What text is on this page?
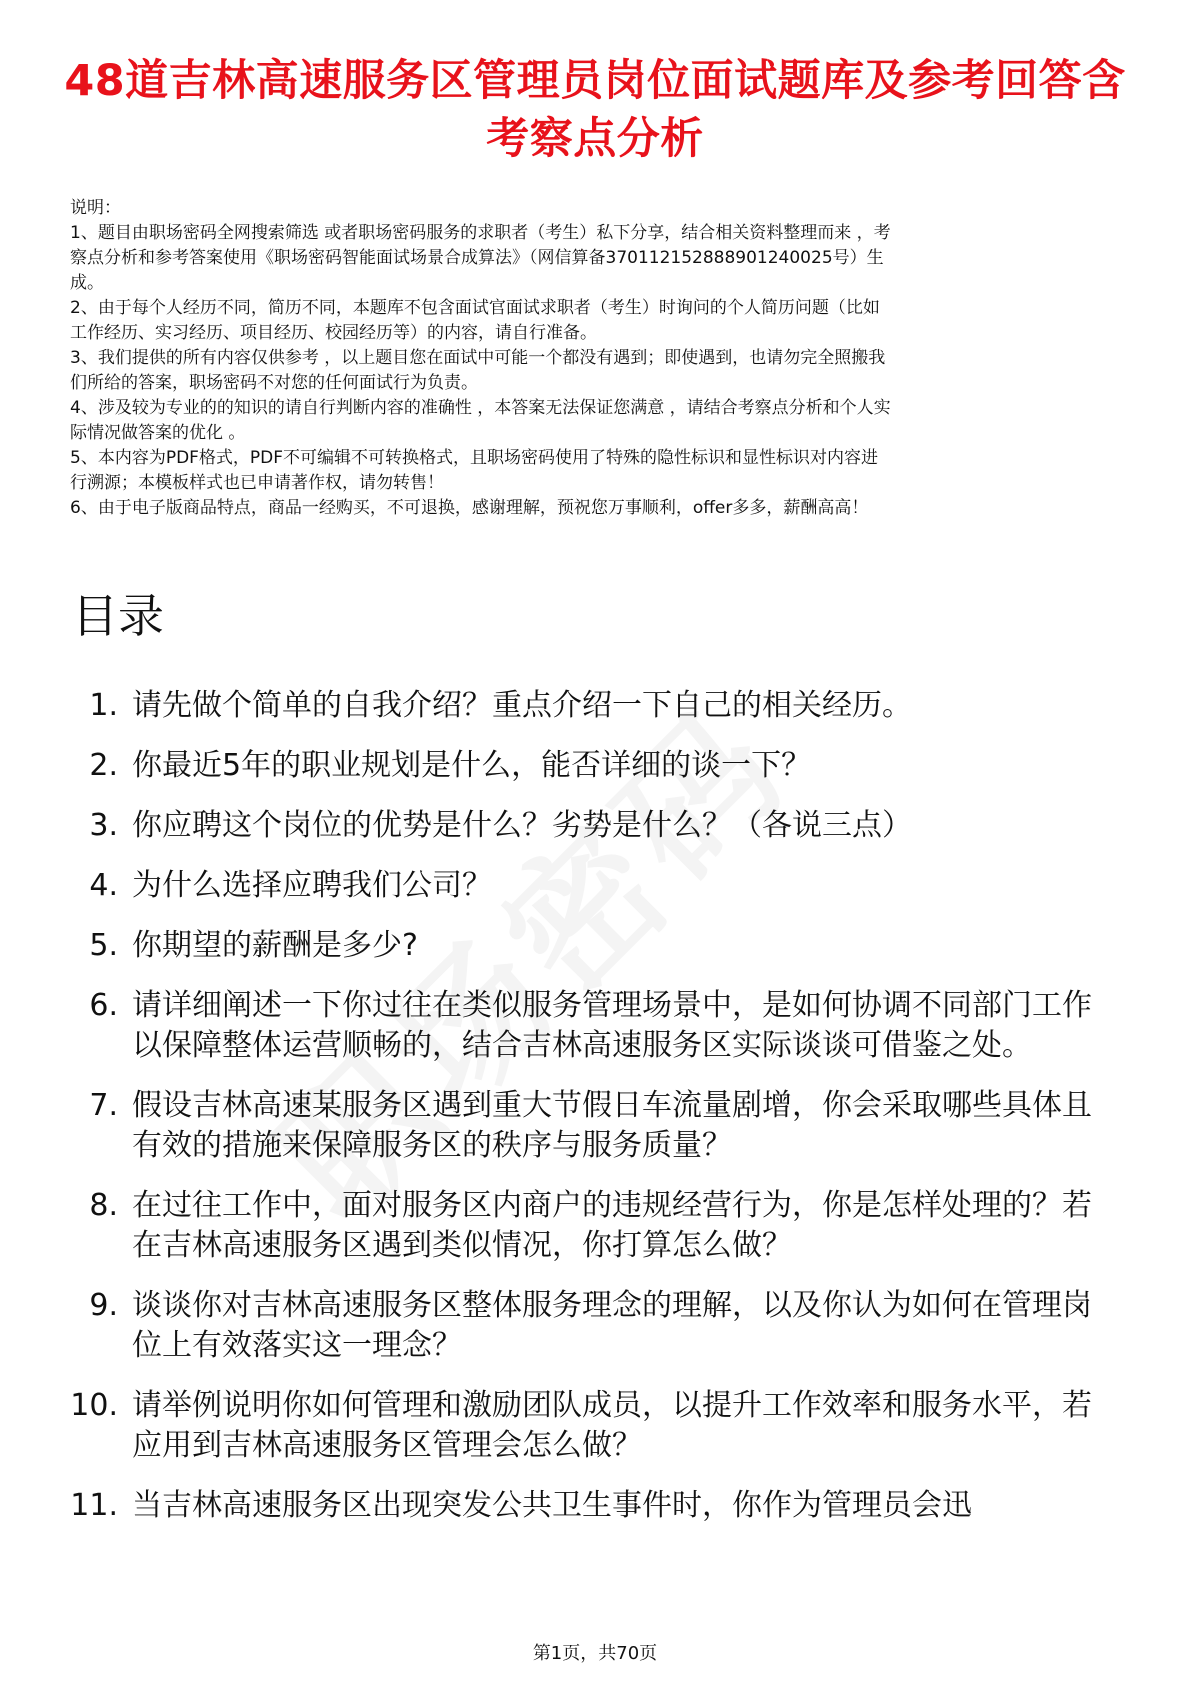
48道吉林高速服务区管理员岗位面试题库及参考回答含考察点分析

说明：

1、题目由职场密码全网搜索筛选 或者职场密码服务的求职者（考生）私下分享，结合相关资料整理而来 ，考

察点分析和参考答案使用《职场密码智能面试场景合成算法》（网信算备370112152888901240025号）生

成。

2、由于每个人经历不同，简历不同，本题库不包含面试官面试求职者（考生）时询问的个人简历问题（比如

工作经历、实习经历、项目经历、校园经历等）的内容，请自行准备。

3、我们提供的所有内容仅供参考 ，以上题目您在面试中可能一个都没有遇到；即使遇到，也请勿完全照搬我

们所给的答案，职场密码不对您的任何面试行为负责。

4、涉及较为专业的的知识的请自行判断内容的准确性 ，本答案无法保证您满意 ，请结合考察点分析和个人实

际情况做答案的优化 。

5、本内容为PDF格式，PDF不可编辑不可转换格式，且职场密码使用了特殊的隐性标识和显性标识对内容进

行溯源；本模板样式也已申请著作权，请勿转售！

6、由于电子版商品特点，商品一经购买，不可退换，感谢理解，预祝您万事顺利，offer多多，薪酬高高！

目录
1. 请先做个简单的自我介绍？重点介绍一下自己的相关经历。
2. 你最近5年的职业规划是什么，能否详细的谈一下？
3. 你应聘这个岗位的优势是什么？劣势是什么？（各说三点）
4. 为什么选择应聘我们公司？
5. 你期望的薪酬是多少?
6. 请详细阐述一下你过往在类似服务管理场景中，是如何协调不同部门工作以保障整体运营顺畅的，结合吉林高速服务区实际谈谈可借鉴之处。
7. 假设吉林高速某服务区遇到重大节假日车流量剧增，你会采取哪些具体且有效的措施来保障服务区的秩序与服务质量？
8. 在过往工作中，面对服务区内商户的违规经营行为，你是怎样处理的？若在吉林高速服务区遇到类似情况，你打算怎么做？
9. 谈谈你对吉林高速服务区整体服务理念的理解，以及你认为如何在管理岗位上有效落实这一理念？
10. 请举例说明你如何管理和激励团队成员，以提升工作效率和服务水平，若应用到吉林高速服务区管理会怎么做？
11. 当吉林高速服务区出现突发公共卫生事件时，你作为管理员会迅
第1页，共70页
